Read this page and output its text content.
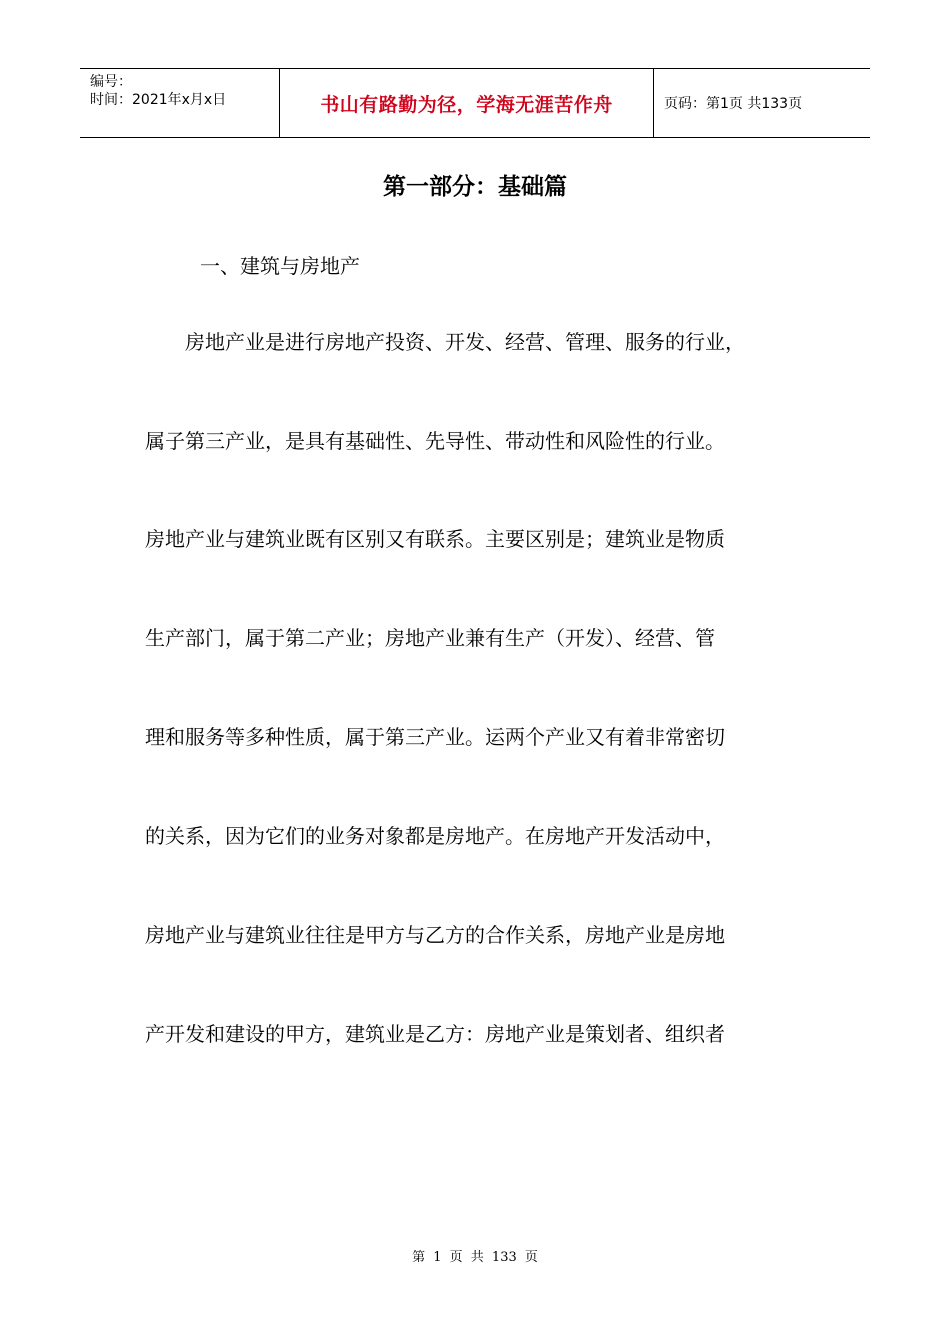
编号：
时间：2021年x月x日	书山有路勤为径，学海无涯苦作舟	页码：第1页 共133页
第一部分：基础篇
一、建筑与房地产
　　房地产业是进行房地产投资、开发、经营、管理、服务的行业，
属子第三产业，是具有基础性、先导性、带动性和风险性的行业。
房地产业与建筑业既有区别又有联系。主要区别是；建筑业是物质
生产部门，属于第二产业；房地产业兼有生产（开发）、经营、管
理和服务等多种性质，属于第三产业。运两个产业又有着非常密切
的关系，因为它们的业务对象都是房地产。在房地产开发活动中，
房地产业与建筑业往往是甲方与乙方的合作关系，房地产业是房地
产开发和建设的甲方，建筑业是乙方：房地产业是策划者、组织者
第 1 页 共 133 页
